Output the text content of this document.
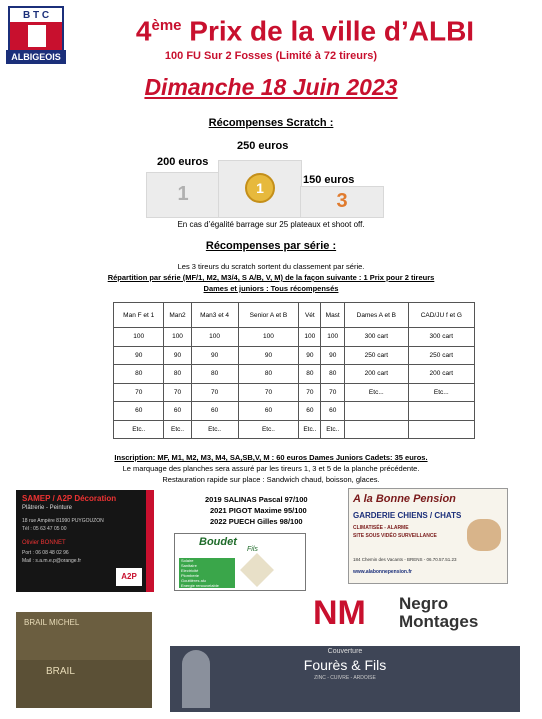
B T C
ALBIGEOIS
4ème Prix de la ville d’ALBI
100 FU Sur 2 Fosses (Limité à 72 tireurs)
Dimanche 18 Juin 2023
Récompenses Scratch :
250 euros
200 euros
150 euros
1	1
3
En cas d’égalité barrage sur 25 plateaux et shoot off.
Récompenses par série :
Les 3 tireurs du scratch sortent du classement par série.
Répartition par série (MF/1, M2, M3/4, S A/B, V, M) de la façon suivante : 1 Prix pour 2 tireurs
Dames et juniors : Tous récompensés
Man F et 1	Man2	Man3 et 4	Senior A et B	Vét	Mast	Dames A et B	CAD/JU f et G
100	100	100	100	100	100	300 cart	300 cart
90	90	90	90	90	90	250 cart	250 cart
80	80	80	80	80	80	200 cart	200 cart
70	70	70	70	70	70	Etc...	Etc...
60	60	60	60	60	60		
Etc..	Etc..	Etc..	Etc..	Etc..	Etc..		
Inscription: MF, M1, M2, M3, M4, SA,SB,V, M : 60 euros Dames Juniors Cadets: 35 euros.
Le marquage des planches sera assuré par les tireurs 1, 3 et 5 de la planche précédente.
Restauration rapide sur place : Sandwich chaud, boisson, glaces.
2019 SALINAS Pascal 97/100
2021 PIGOT Maxime 95/100
2022 PUECH Gilles 98/100
SAMEP / A2P Décoration
Plâtrerie - Peinture
18 rue Ampère 81990 PUYGOUZON
Tél : 05 63 47 05 00
Olivier BONNET
Port : 06 08 48 02 96
Mail : s.a.m.e.p@orange.fr
A2P
A la Bonne Pension
GARDERIE CHIENS / CHATS
CLIMATISÉE - ALARME
SITE SOUS VIDÉO SURVEILLANCE
184 Chemin des Vacants - BRENS - 06.70.57.51.23
www.alabonnepension.fr
Boudet
Fils
Solaire
Sanitaire
Electricité
Plomberie
Gouttières alu
Energie renouvelable
NM Negro
Montages
BRAIL MICHEL
BRAIL
Couverture
Fourès & Fils
ZINC - CUIVRE - ARDOISE
